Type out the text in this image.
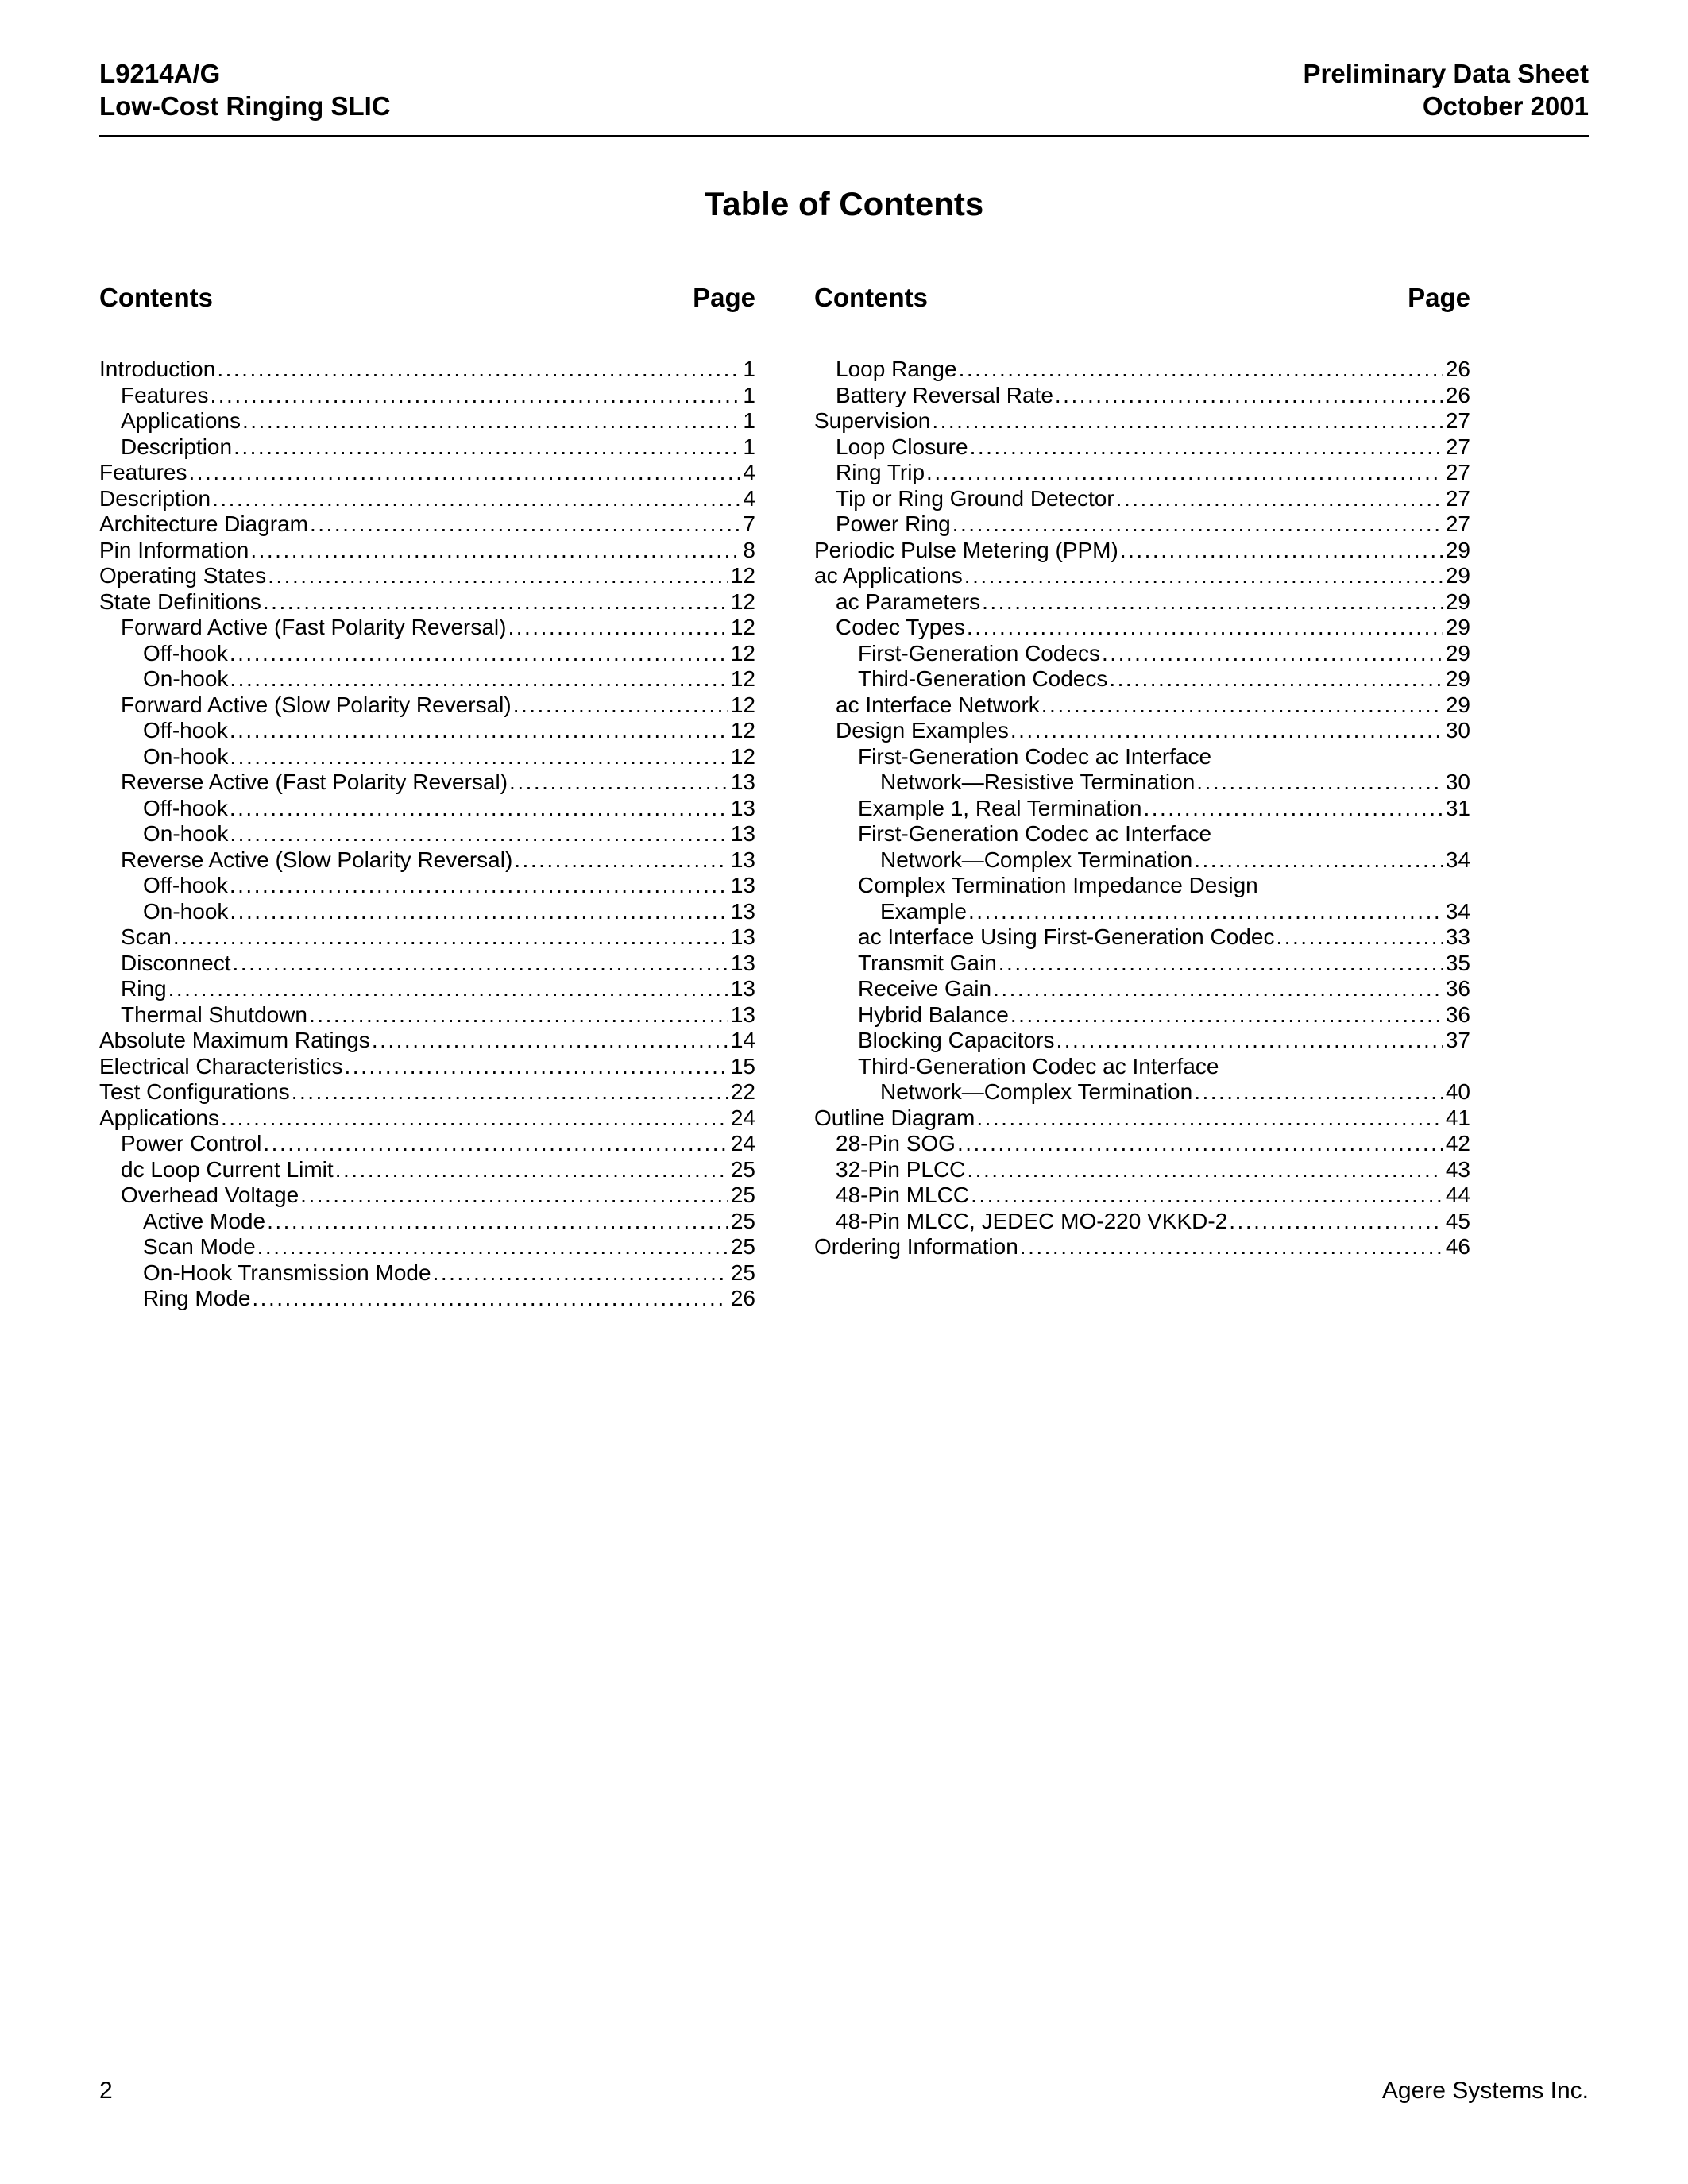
L9214A/G
Low-Cost Ringing SLIC
Preliminary Data Sheet
October 2001
Table of Contents
Contents	Page
Introduction .....	1
Features .....	1
Applications .....	1
Description .....	1
Features .....	4
Description .....	4
Architecture Diagram .....	7
Pin Information .....	8
Operating States .....	12
State Definitions .....	12
Forward Active (Fast Polarity Reversal) .....	12
Off-hook .....	12
On-hook .....	12
Forward Active (Slow Polarity Reversal) .....	12
Off-hook .....	12
On-hook .....	12
Reverse Active (Fast Polarity Reversal) .....	13
Off-hook .....	13
On-hook .....	13
Reverse Active (Slow Polarity Reversal) .....	13
Off-hook .....	13
On-hook .....	13
Scan .....	13
Disconnect .....	13
Ring .....	13
Thermal Shutdown .....	13
Absolute Maximum Ratings .....	14
Electrical Characteristics .....	15
Test Configurations .....	22
Applications .....	24
Power Control .....	24
dc Loop Current Limit .....	25
Overhead Voltage .....	25
Active Mode .....	25
Scan Mode .....	25
On-Hook Transmission Mode .....	25
Ring Mode .....	26
Contents	Page
Loop Range .....	26
Battery Reversal Rate .....	26
Supervision .....	27
Loop Closure .....	27
Ring Trip .....	27
Tip or Ring Ground Detector .....	27
Power Ring .....	27
Periodic Pulse Metering (PPM) .....	29
ac Applications .....	29
ac Parameters .....	29
Codec Types .....	29
First-Generation Codecs .....	29
Third-Generation Codecs .....	29
ac Interface Network .....	29
Design Examples .....	30
First-Generation Codec ac Interface
Network—Resistive Termination .....	30
Example 1, Real Termination .....	31
First-Generation Codec ac Interface
Network—Complex Termination .....	34
Complex Termination Impedance Design
Example .....	34
ac Interface Using First-Generation Codec .....	33
Transmit Gain .....	35
Receive Gain .....	36
Hybrid Balance .....	36
Blocking Capacitors .....	37
Third-Generation Codec ac Interface
Network—Complex Termination .....	40
Outline Diagram .....	41
28-Pin SOG .....	42
32-Pin PLCC .....	43
48-Pin MLCC .....	44
48-Pin MLCC, JEDEC MO-220 VKKD-2 .....	45
Ordering Information .....	46
2	Agere Systems Inc.
